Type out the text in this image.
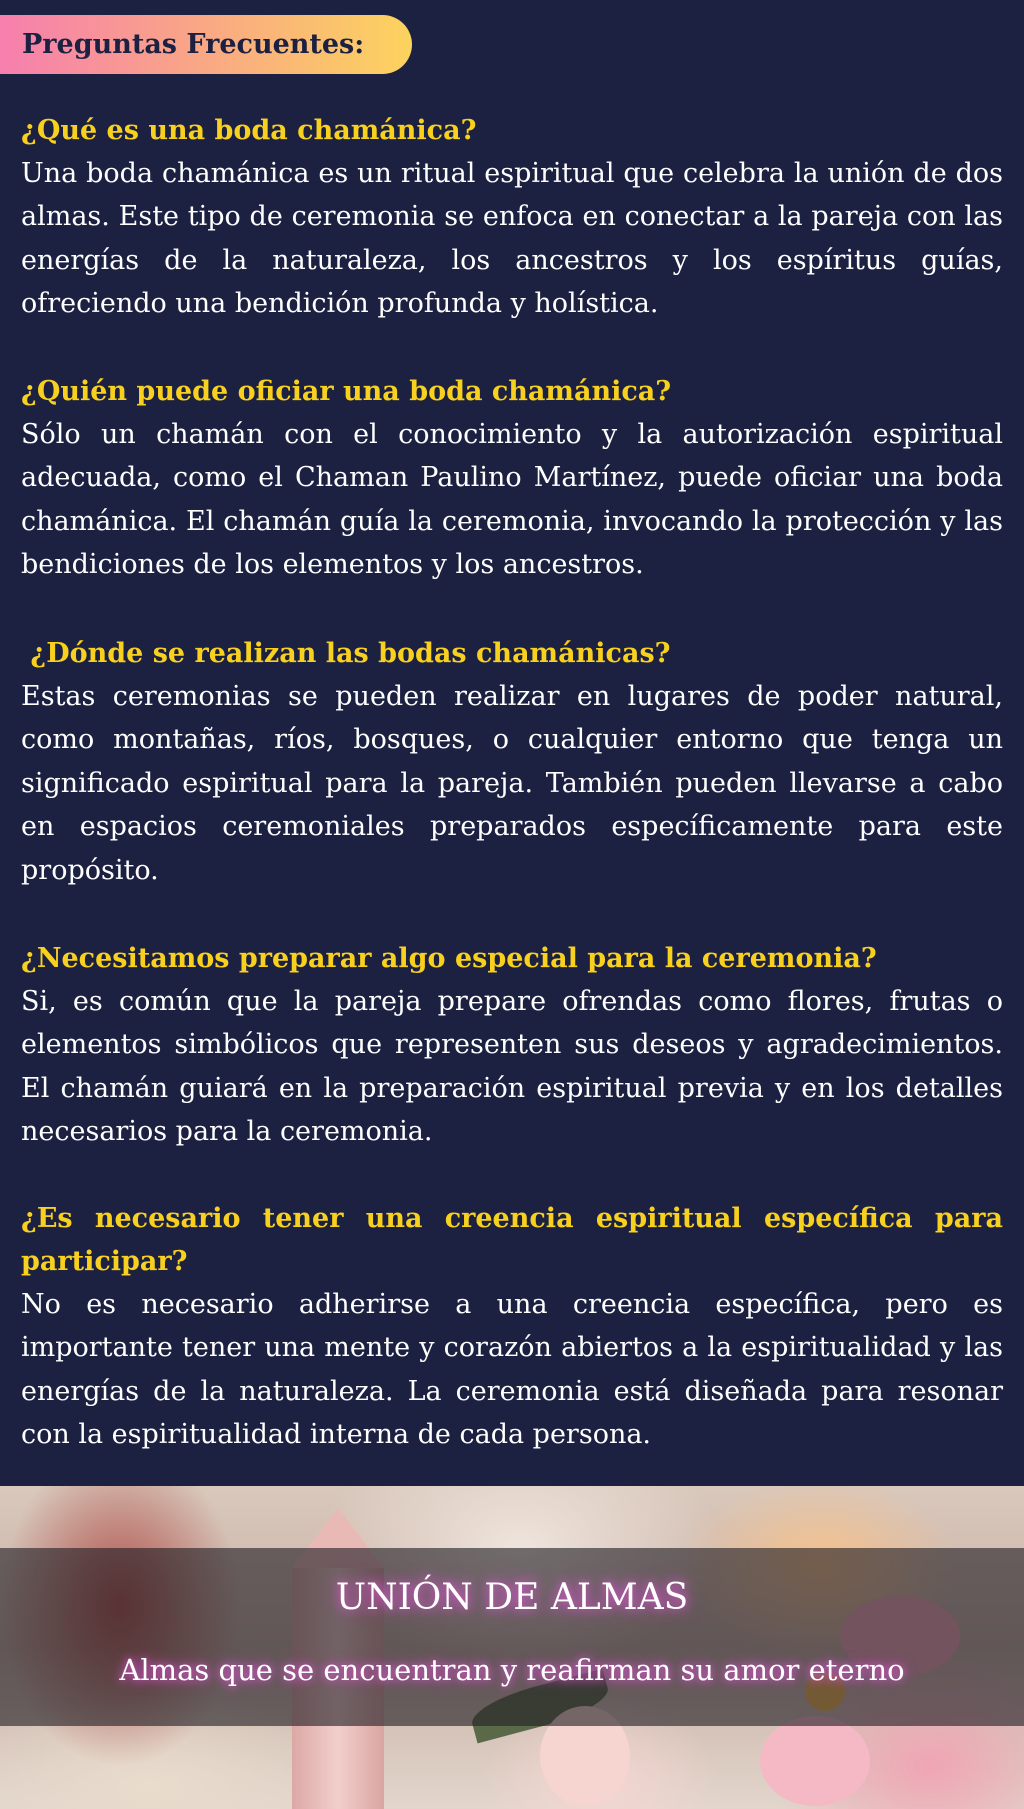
Preguntas Frecuentes:
¿Qué es una boda chamánica?

Una boda chamánica es un ritual espiritual que celebra la unión de dos almas. Este tipo de ceremonia se enfoca en conectar a la pareja con las energías de la naturaleza, los ancestros y los espíritus guías, ofreciendo una bendición profunda y holística.

¿Quién puede oficiar una boda chamánica?

Sólo un chamán con el conocimiento y la autorización espiritual adecuada, como el Chaman Paulino Martínez, puede oficiar una boda chamánica. El chamán guía la ceremonia, invocando la protección y las bendiciones de los elementos y los ancestros.

¿Dónde se realizan las bodas chamánicas?

Estas ceremonias se pueden realizar en lugares de poder natural, como montañas, ríos, bosques, o cualquier entorno que tenga un significado espiritual para la pareja. También pueden llevarse a cabo en espacios ceremoniales preparados específicamente para este propósito.

¿Necesitamos preparar algo especial para la ceremonia?

Si, es común que la pareja prepare ofrendas como flores, frutas o elementos simbólicos que representen sus deseos y agradecimientos. El chamán guiará en la preparación espiritual previa y en los detalles necesarios para la ceremonia.

¿Es necesario tener una creencia espiritual específica para participar?

No es necesario adherirse a una creencia específica, pero es importante tener una mente y corazón abiertos a la espiritualidad y las energías de la naturaleza. La ceremonia está diseñada para resonar con la espiritualidad interna de cada persona.

UNIÓN DE ALMAS

Almas que se encuentran y reafirman su amor eterno
